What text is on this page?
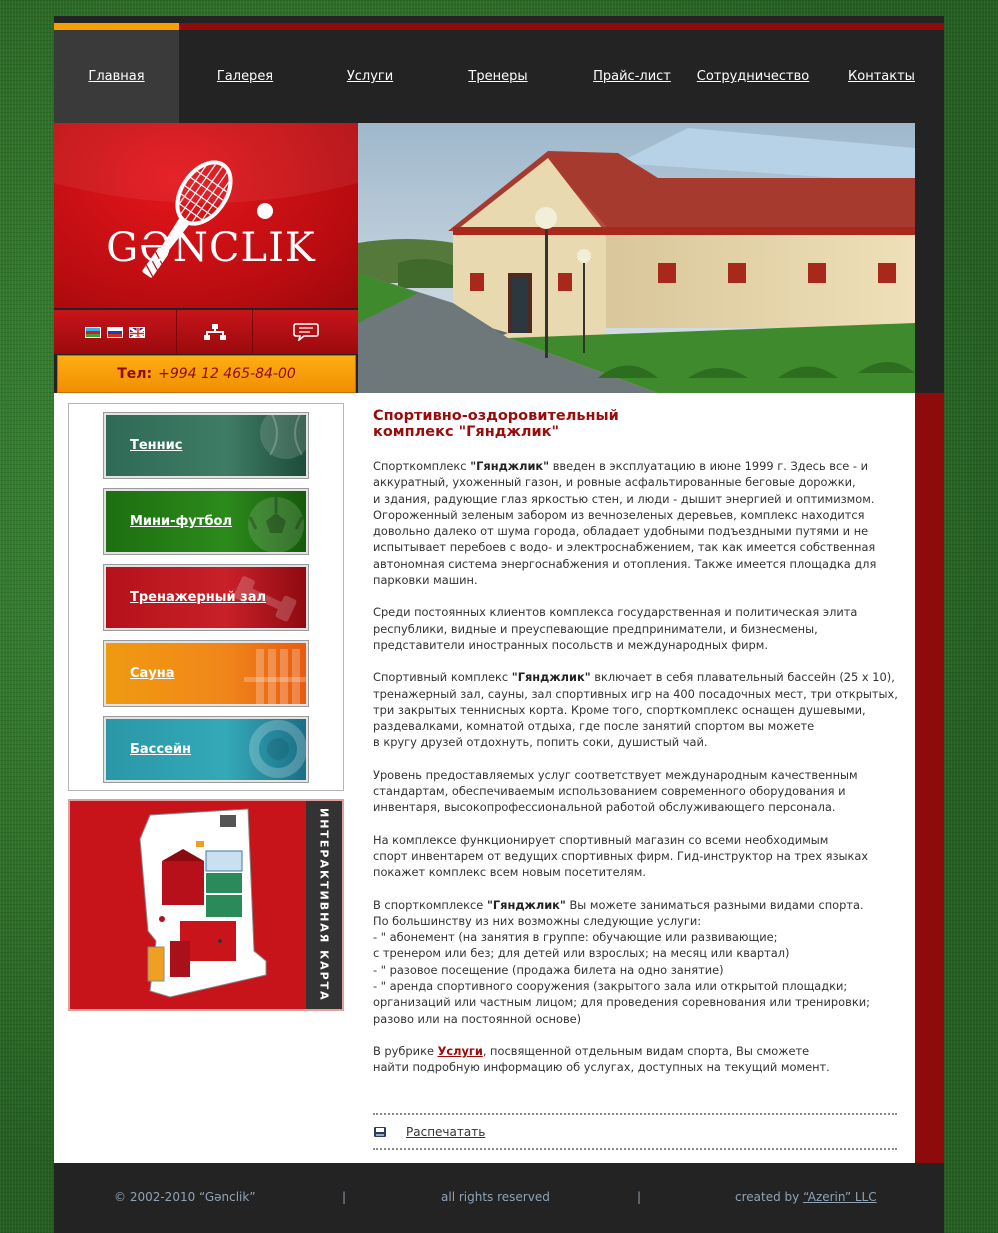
Главная	Галерея	Услуги	Тренеры	Прайс-лист	Сотрудничество	Контакты
GƏNCLIK
Тел: +994 12 465-84-00
Теннис
Мини-футбол
Тренажерный зал
Сауна
Бассейн
ИНТЕРАКТИВНАЯ КАРТА
Спортивно-оздоровительный
комплекс "Гянджлик"

Спорткомплекс "Гянджлик" введен в эксплуатацию в июне 1999 г. Здесь все - и
аккуратный, ухоженный газон, и ровные асфальтированные беговые дорожки,
и здания, радующие глаз яркостью стен, и люди - дышит энергией и оптимизмом.
Огороженный зеленым забором из вечнозеленых деревьев, комплекс находится
довольно далеко от шума города, обладает удобными подъездными путями и не
испытывает перебоев с водо- и электроснабжением, так как имеется собственная
автономная система энергоснабжения и отопления. Также имеется площадка для
парковки машин.

Среди постоянных клиентов комплекса государственная и политическая элита
республики, видные и преуспевающие предприниматели, и бизнесмены,
представители иностранных посольств и международных фирм.

Спортивный комплекс "Гянджлик" включает в себя плавательный бассейн (25 x 10),
тренажерный зал, сауны, зал спортивных игр на 400 посадочных мест, три открытых,
три закрытых теннисных корта. Кроме того, спорткомплекс оснащен душевыми,
раздевалками, комнатой отдыха, где после занятий спортом вы можете
в кругу друзей отдохнуть, попить соки, душистый чай.

Уровень предоставляемых услуг соответствует международным качественным
стандартам, обеспечиваемым использованием современного оборудования и
инвентаря, высокопрофессиональной работой обслуживающего персонала.

На комплексе функционирует спортивный магазин со всеми необходимым
спорт инвентарем от ведущих спортивных фирм. Гид-инструктор на трех языках
покажет комплекс всем новым посетителям.

В спорткомплексе "Гянджлик" Вы можете заниматься разными видами спорта.
По большинству из них возможны следующие услуги:
- " абонемент (на занятия в группе: обучающие или развивающие;
с тренером или без; для детей или взрослых; на месяц или квартал)
- " разовое посещение (продажа билета на одно занятие)
- " аренда спортивного сооружения (закрытого зала или открытой площадки;
организаций или частным лицом; для проведения соревнования или тренировки;
разово или на постоянной основе)

В рубрике Услуги, посвященной отдельным видам спорта, Вы сможете
найти подробную информацию об услугах, доступных на текущий момент.

Распечатать
© 2002-2010 “Gənclik”	|	all rights reserved	|	created by “Azerin” LLC
